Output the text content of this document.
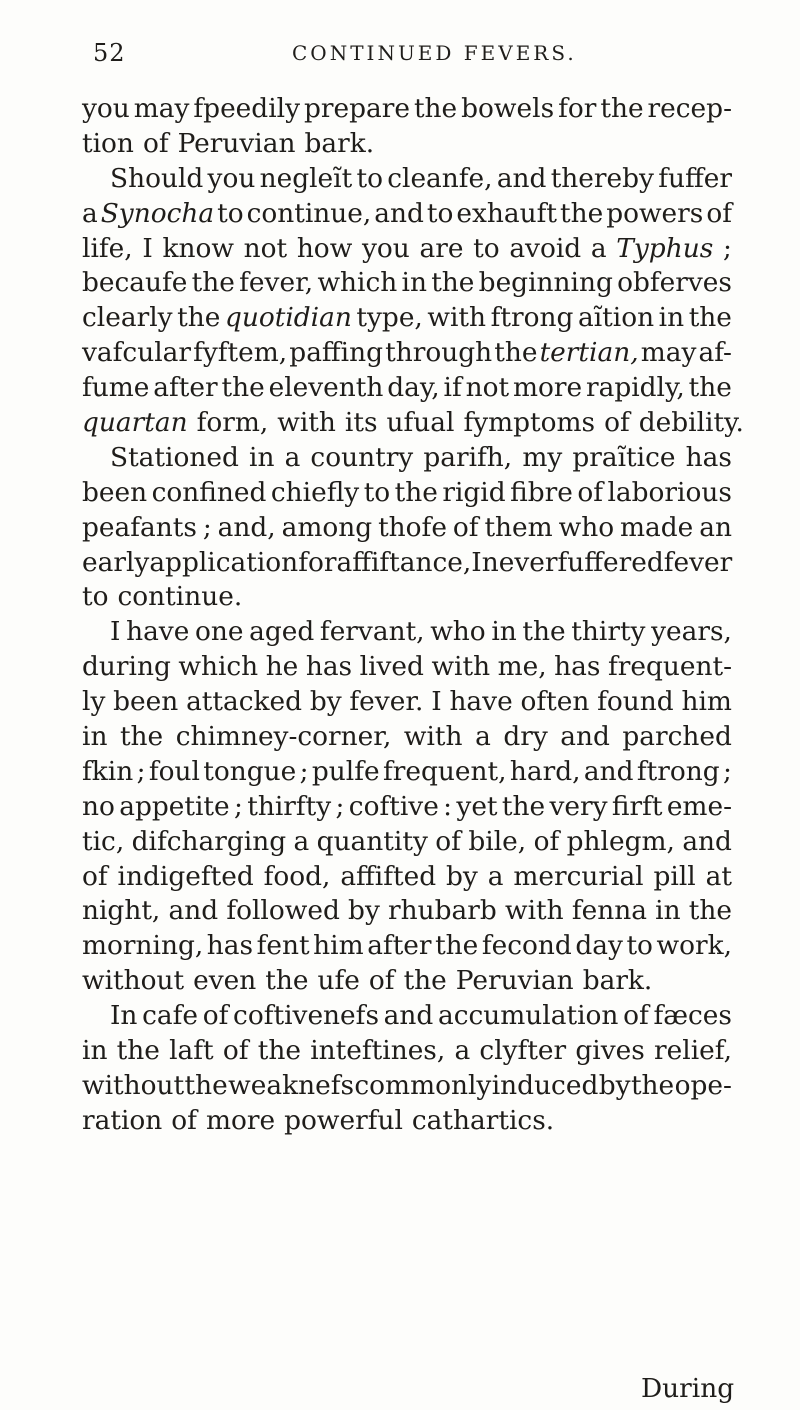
52	CONTINUED FEVERS.
you may fpeedily prepare the bowels for the recep-
tion of Peruvian bark.
Should you negleĩt to cleanfe, and thereby fuffer
a Synocha to continue, and to exhauft the powers of
life, I know not how you are to avoid a Typhus ;
becaufe the fever, which in the beginning obferves
clearly the quotidian type, with ftrong aĩtion in the
vafcular fyftem, paffing through the tertian, may af-
fume after the eleventh day, if not more rapidly, the
quartan form, with its ufual fymptoms of debility.
Stationed in a country parifh, my praĩtice has
been confined chiefly to the rigid fibre of laborious
peafants ; and, among thofe of them who made an
early application for affiftance, I never fuffered fever
to continue.
I have one aged fervant, who in the thirty years,
during which he has lived with me, has frequent-
ly been attacked by fever. I have often found him
in the chimney-corner, with a dry and parched
fkin ; foul tongue ; pulfe frequent, hard, and ftrong ;
no appetite ; thirfty ; coftive : yet the very firft eme-
tic, difcharging a quantity of bile, of phlegm, and
of indigefted food, affifted by a mercurial pill at
night, and followed by rhubarb with fenna in the
morning, has fent him after the fecond day to work,
without even the ufe of the Peruvian bark.
In cafe of coftivenefs and accumulation of fæces
in the laft of the inteftines, a clyfter gives relief,
without the weaknefs commonly induced by the ope-
ration of more powerful cathartics.
During
